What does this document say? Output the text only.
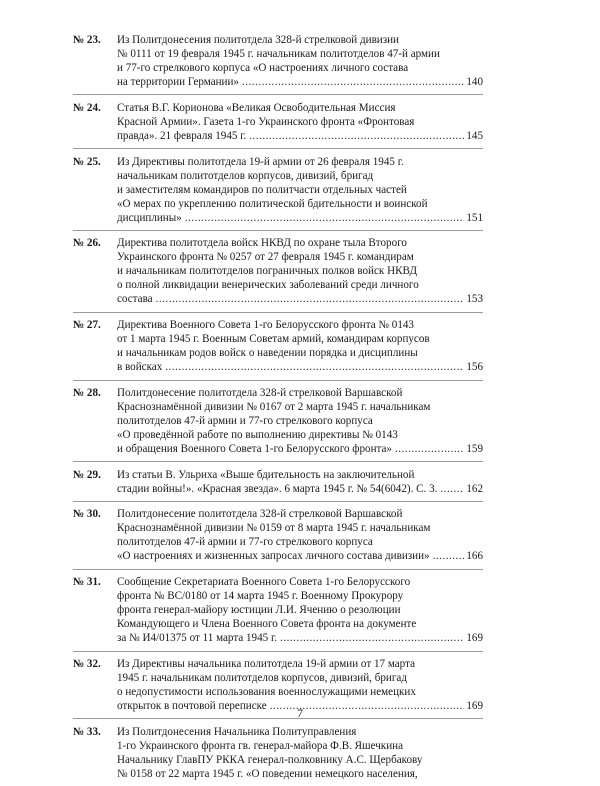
№ 23.	Из Политдонесения политотдела 328-й стрелковой дивизии
№ 0111 от 19 февраля 1945 г. начальникам политотделов 47-й армии
и 77-го стрелкового корпуса «О настроениях личного состава
на территории Германии» .....	140
№ 24.	Статья В.Г. Корионова «Великая Освободительная Миссия
Красной Армии». Газета 1-го Украинского фронта «Фронтовая
правда». 21 февраля 1945 г. .....	145
№ 25.	Из Директивы политотдела 19-й армии от 26 февраля 1945 г.
начальникам политотделов корпусов, дивизий, бригад
и заместителям командиров по политчасти отдельных частей
«О мерах по укреплению политической бдительности и воинской
дисциплины» .....	151
№ 26.	Директива политотдела войск НКВД по охране тыла Второго
Украинского фронта № 0257 от 27 февраля 1945 г. командирам
и начальникам политотделов пограничных полков войск НКВД
о полной ликвидации венерических заболеваний среди личного
состава .....	153
№ 27.	Директива Военного Совета 1-го Белорусского фронта № 0143
от 1 марта 1945 г. Военным Советам армий, командирам корпусов
и начальникам родов войск о наведении порядка и дисциплины
в войсках .....	156
№ 28.	Политдонесение политотдела 328-й стрелковой Варшавской
Краснознамённой дивизии № 0167 от 2 марта 1945 г. начальникам
политотделов 47-й армии и 77-го стрелкового корпуса
«О проведённой работе по выполнению директивы № 0143
и обращения Военного Совета 1-го Белорусского фронта» .....	159
№ 29.	Из статьи В. Ульриха «Выше бдительность на заключительной
стадии войны!». «Красная звезда». 6 марта 1945 г. № 54(6042). С. 3. .....	162
№ 30.	Политдонесение политотдела 328-й стрелковой Варшавской
Краснознамённой дивизии № 0159 от 8 марта 1945 г. начальникам
политотделов 47-й армии и 77-го стрелкового корпуса
«О настроениях и жизненных запросах личного состава дивизии» .....	166
№ 31.	Сообщение Секретариата Военного Совета 1-го Белорусского
фронта № ВС/0180 от 14 марта 1945 г. Военному Прокурору
фронта генерал-майору юстиции Л.И. Ячению о резолюции
Командующего и Члена Военного Совета фронта на документе
за № И4/01375 от 11 марта 1945 г. .....	169
№ 32.	Из Директивы начальника политотдела 19-й армии от 17 марта
1945 г. начальникам политотделов корпусов, дивизий, бригад
о недопустимости использования военнослужащими немецких
открыток в почтовой переписке .....	169
№ 33.	Из Политдонесения Начальника Политуправления
1-го Украинского фронта гв. генерал-майора Ф.В. Яшечкина
Начальнику ГлавПУ РККА генерал-полковнику А.С. Щербакову
№ 0158 от 22 марта 1945 г. «О поведении немецкого населения,
7
